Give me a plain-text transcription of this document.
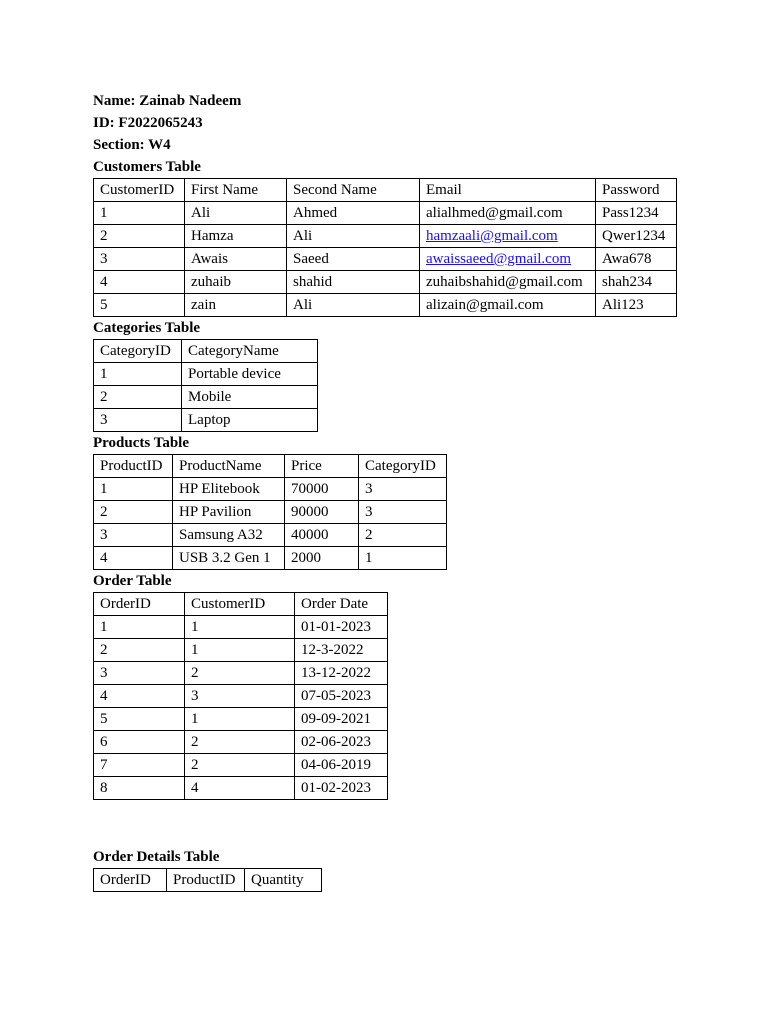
Name: Zainab Nadeem
ID: F2022065243
Section: W4
Customers Table
CustomerID	First Name	Second Name	Email	Password
1	Ali	Ahmed	alialhmed@gmail.com	Pass1234
2	Hamza	Ali	hamzaali@gmail.com	Qwer1234
3	Awais	Saeed	awaissaeed@gmail.com	Awa678
4	zuhaib	shahid	zuhaibshahid@gmail.com	shah234
5	zain	Ali	alizain@gmail.com	Ali123
Categories Table
CategoryID	CategoryName
1	Portable device
2	Mobile
3	Laptop
Products Table
ProductID	ProductName	Price	CategoryID
1	HP Elitebook	70000	3
2	HP Pavilion	90000	3
3	Samsung A32	40000	2
4	USB 3.2 Gen 1	2000	1
Order Table
OrderID	CustomerID	Order Date
1	1	01-01-2023
2	1	12-3-2022
3	2	13-12-2022
4	3	07-05-2023
5	1	09-09-2021
6	2	02-06-2023
7	2	04-06-2019
8	4	01-02-2023
Order Details Table
OrderID	ProductID	Quantity
